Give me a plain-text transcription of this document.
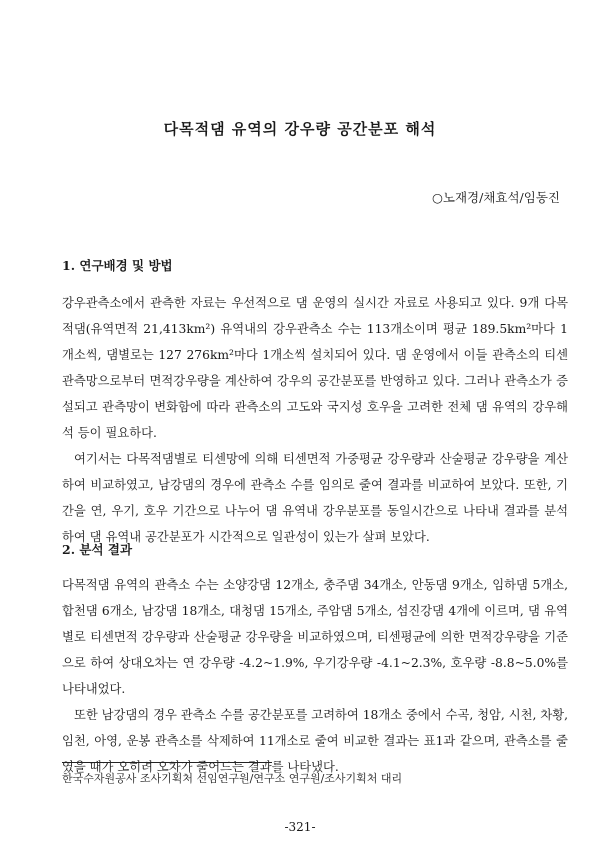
다목적댐 유역의 강우량 공간분포 해석
○노재경/채효석/임동진
1. 연구배경 및 방법

강우관측소에서 관측한 자료는 우선적으로 댐 운영의 실시간 자료로 사용되고 있다. 9개 다목적댐(유역면적 21,413km²) 유역내의 강우관측소 수는 113개소이며 평균 189.5km²마다 1개소씩, 댐별로는 127 276km²마다 1개소씩 설치되어 있다. 댐 운영에서 이들 관측소의 티센관측망으로부터 면적강우량을 계산하여 강우의 공간분포를 반영하고 있다. 그러나 관측소가 증설되고 관측망이 변화함에 따라 관측소의 고도와 국지성 호우을 고려한 전체 댐 유역의 강우해석 등이 필요하다.

여기서는 다목적댐별로 티센망에 의해 티센면적 가중평균 강우량과 산술평균 강우량을 계산하여 비교하였고, 남강댐의 경우에 관측소 수를 임의로 줄여 결과를 비교하여 보았다. 또한, 기간을 연, 우기, 호우 기간으로 나누어 댐 유역내 강우분포를 동일시간으로 나타내 결과를 분석하여 댐 유역내 공간분포가 시간적으로 일관성이 있는가 살펴 보았다.

2. 분석 결과

다목적댐 유역의 관측소 수는 소양강댐 12개소, 충주댐 34개소, 안동댐 9개소, 임하댐 5개소, 합천댐 6개소, 남강댐 18개소, 대청댐 15개소, 주암댐 5개소, 섬진강댐 4개에 이르며, 댐 유역별로 티센면적 강우량과 산술평균 강우량을 비교하였으며, 티센평균에 의한 면적강우량을 기준으로 하여 상대오차는 연 강우량 -4.2~1.9%, 우기강우량 -4.1~2.3%, 호우량 -8.8~5.0%를 나타내었다.

또한 남강댐의 경우 관측소 수를 공간분포를 고려하여 18개소 중에서 수곡, 청암, 시천, 차황, 임천, 아영, 운봉 관측소를 삭제하여 11개소로 줄여 비교한 결과는 표1과 같으며, 관측소를 줄였을 때가 오히려 오차가 줄어드는 결과를 나타냈다.

한국수자원공사 조사기획처 선임연구원/연구소 연구원/조사기획처 대리
-321-
